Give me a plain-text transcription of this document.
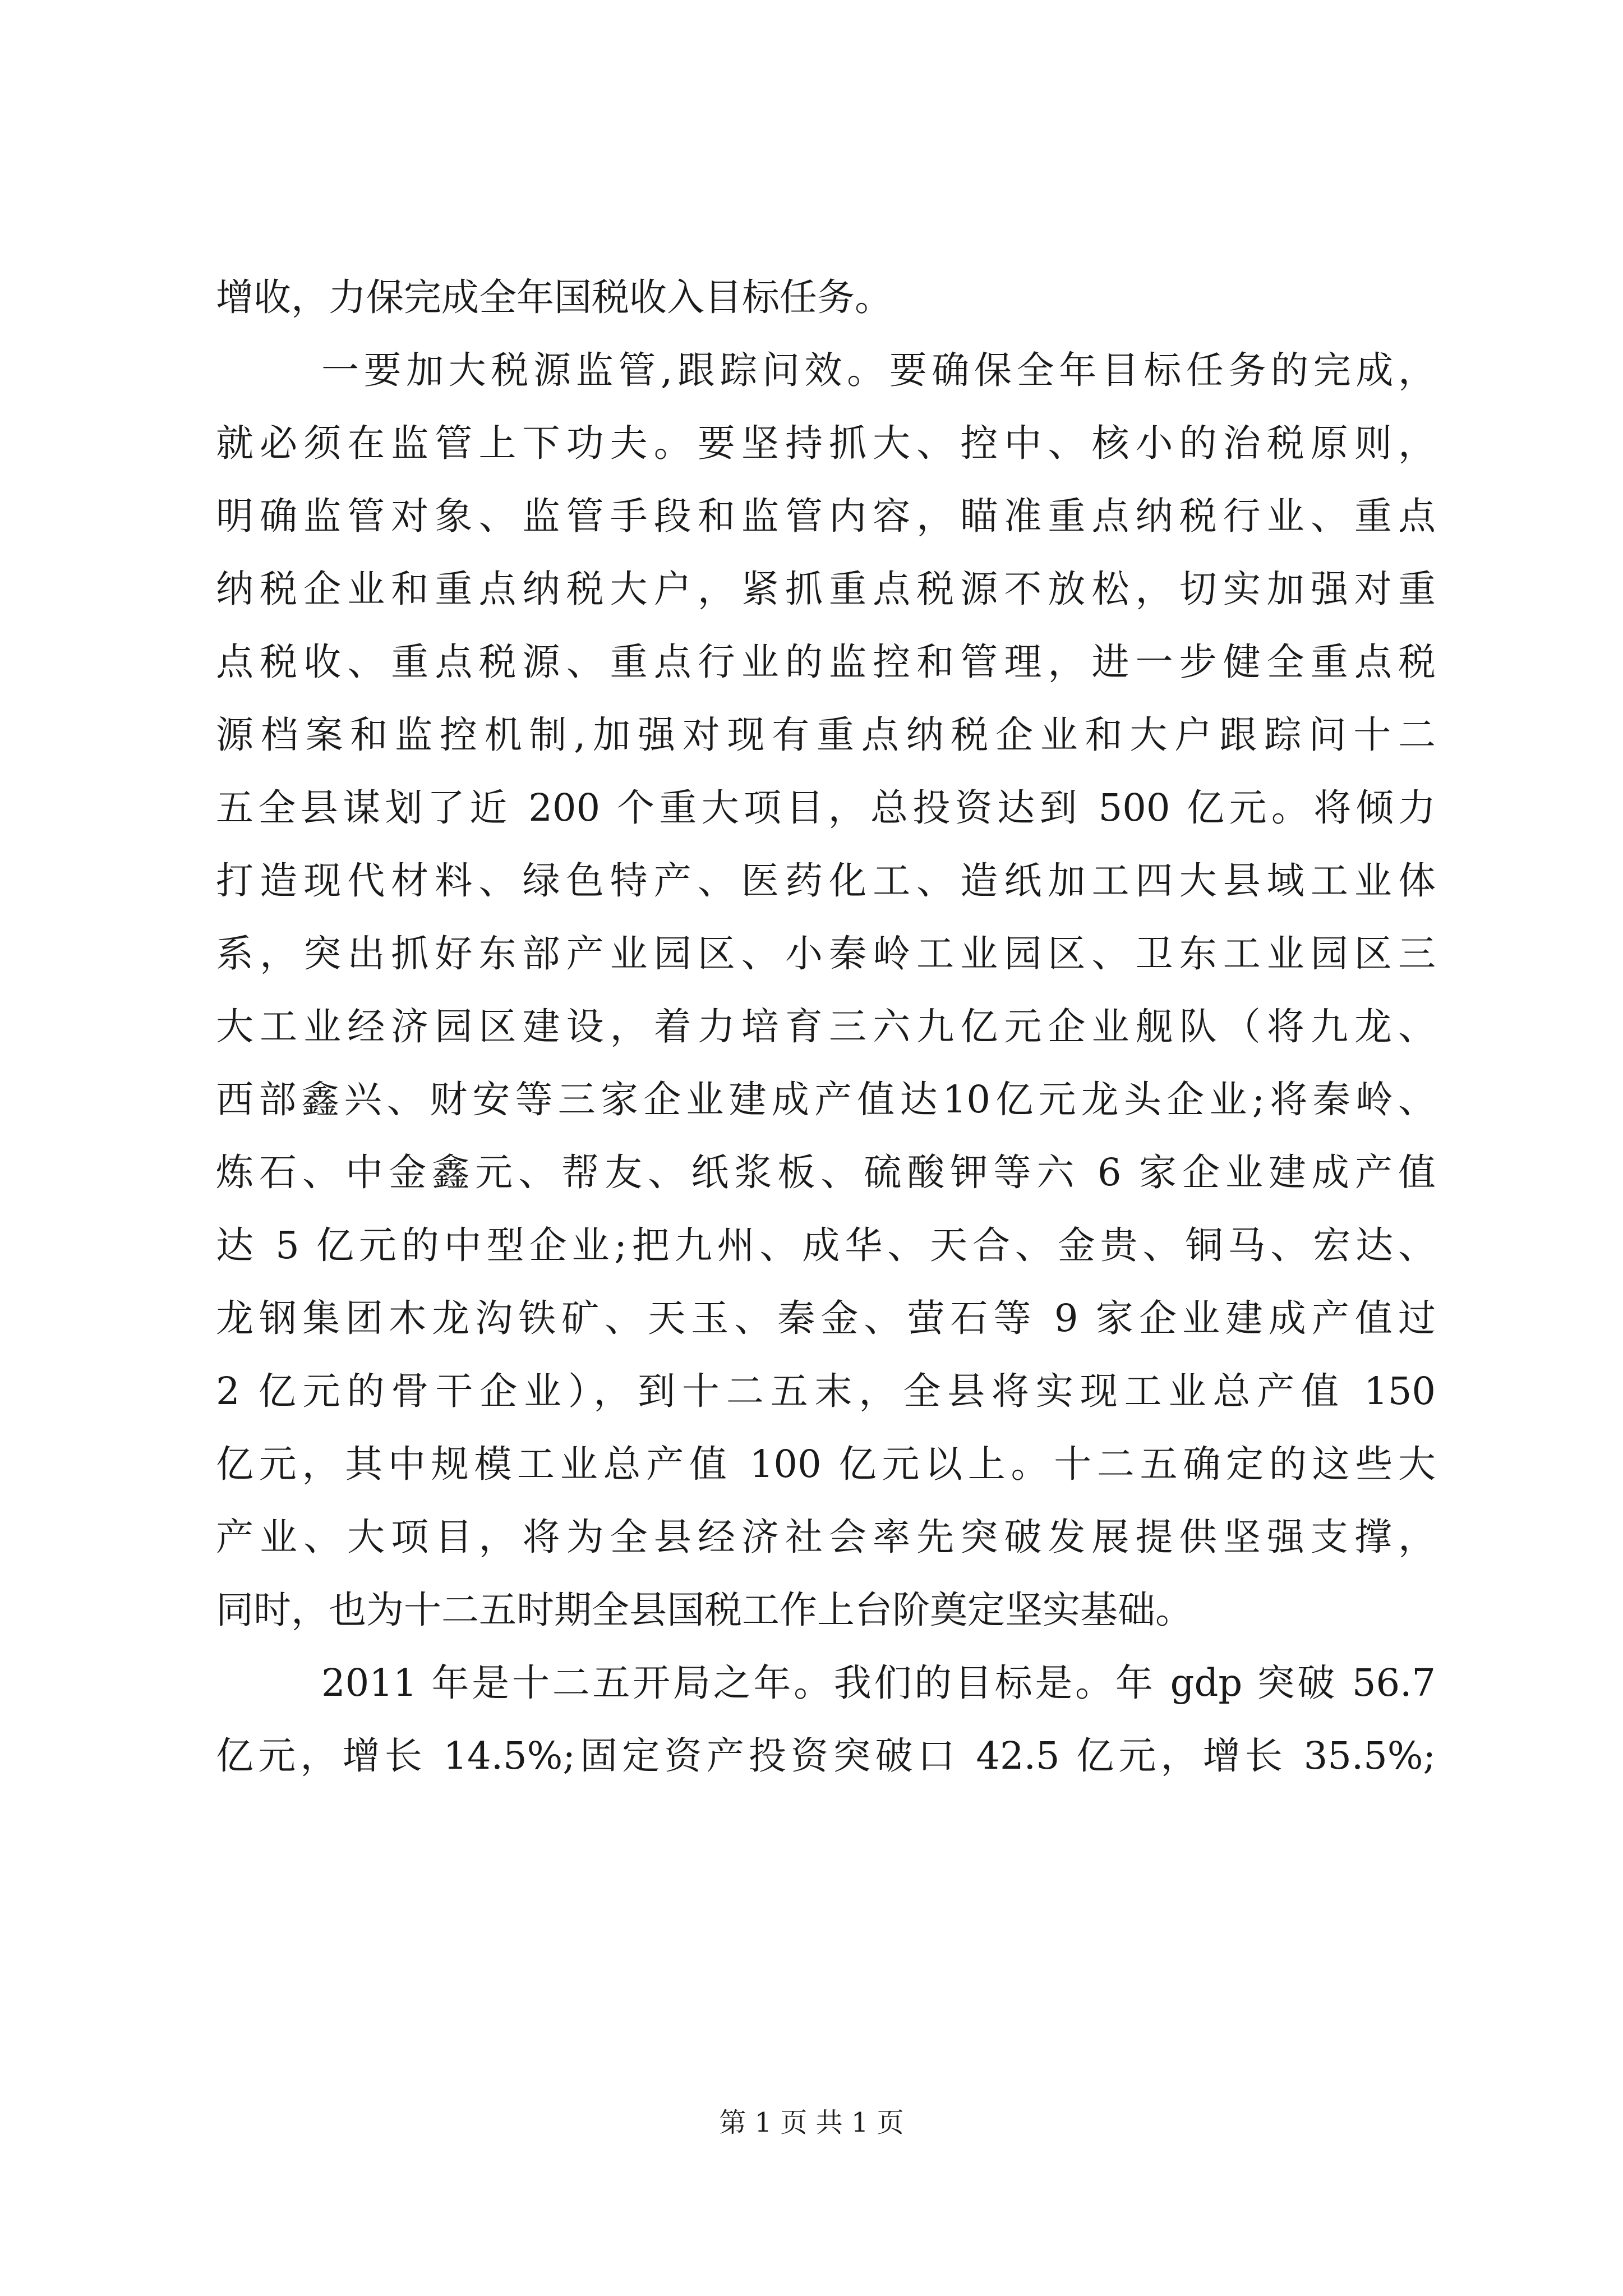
增收，力保完成全年国税收入目标任务。
一要加大税源监管,跟踪问效。要确保全年目标任务的完成，
就必须在监管上下功夫。要坚持抓大、控中、核小的治税原则，
明确监管对象、监管手段和监管内容，瞄准重点纳税行业、重点
纳税企业和重点纳税大户，紧抓重点税源不放松，切实加强对重
点税收、重点税源、重点行业的监控和管理，进一步健全重点税
源档案和监控机制,加强对现有重点纳税企业和大户跟踪问十二
五全县谋划了近 200 个重大项目，总投资达到 500 亿元。将倾力
打造现代材料、绿色特产、医药化工、造纸加工四大县域工业体
系，突出抓好东部产业园区、小秦岭工业园区、卫东工业园区三
大工业经济园区建设，着力培育三六九亿元企业舰队（将九龙、
西部鑫兴、财安等三家企业建成产值达10亿元龙头企业;将秦岭、
炼石、中金鑫元、帮友、纸浆板、硫酸钾等六 6 家企业建成产值
达 5 亿元的中型企业;把九州、成华、天合、金贵、铜马、宏达、
龙钢集团木龙沟铁矿、天玉、秦金、萤石等 9 家企业建成产值过
2 亿元的骨干企业），到十二五末，全县将实现工业总产值 150
亿元，其中规模工业总产值 100 亿元以上。十二五确定的这些大
产业、大项目，将为全县经济社会率先突破发展提供坚强支撑，
同时，也为十二五时期全县国税工作上台阶奠定坚实基础。
2011 年是十二五开局之年。我们的目标是。年 gdp 突破 56.7
亿元，增长 14.5%;固定资产投资突破口 42.5 亿元，增长 35.5%;
第 1 页 共 1 页
